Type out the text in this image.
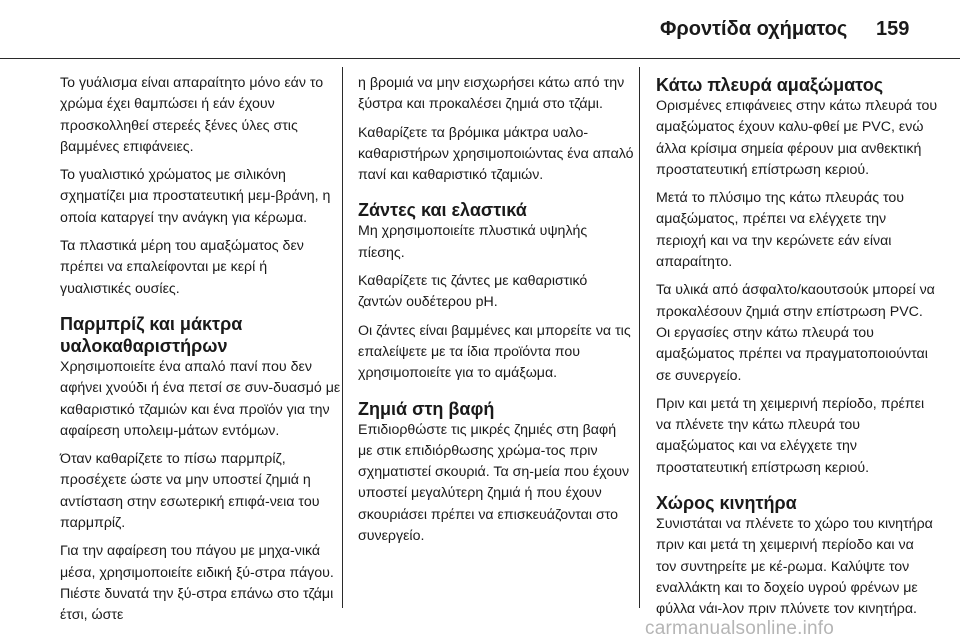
Φροντίδα οχήματος 159

Το γυάλισμα είναι απαραίτητο μόνο εάν το χρώμα έχει θαμπώσει ή εάν έχουν προσκολληθεί στερεές ξένες ύλες στις βαμμένες επιφάνειες.

Το γυαλιστικό χρώματος με σιλικόνη σχηματίζει μια προστατευτική μεμ-βράνη, η οποία καταργεί την ανάγκη για κέρωμα.

Τα πλαστικά μέρη του αμαξώματος δεν πρέπει να επαλείφονται με κερί ή γυαλιστικές ουσίες.

Παρμπρίζ και μάκτρα υαλοκαθαριστήρων

Χρησιμοποιείτε ένα απαλό πανί που δεν αφήνει χνούδι ή ένα πετσί σε συν-δυασμό με καθαριστικό τζαμιών και ένα προϊόν για την αφαίρεση υπολειμ-μάτων εντόμων.

Όταν καθαρίζετε το πίσω παρμπρίζ, προσέχετε ώστε να μην υποστεί ζημιά η αντίσταση στην εσωτερική επιφά-νεια του παρμπρίζ.

Για την αφαίρεση του πάγου με μηχα-νικά μέσα, χρησιμοποιείτε ειδική ξύ-στρα πάγου. Πιέστε δυνατά την ξύ-στρα επάνω στο τζάμι έτσι, ώστε

η βρομιά να μην εισχωρήσει κάτω από την ξύστρα και προκαλέσει ζημιά στο τζάμι.

Καθαρίζετε τα βρόμικα μάκτρα υαλο-καθαριστήρων χρησιμοποιώντας ένα απαλό πανί και καθαριστικό τζαμιών.

Ζάντες και ελαστικά

Μη χρησιμοποιείτε πλυστικά υψηλής πίεσης.

Καθαρίζετε τις ζάντες με καθαριστικό ζαντών ουδέτερου pH.

Οι ζάντες είναι βαμμένες και μπορείτε να τις επαλείψετε με τα ίδια προϊόντα που χρησιμοποιείτε για το αμάξωμα.

Ζημιά στη βαφή

Επιδιορθώστε τις μικρές ζημιές στη βαφή με στικ επιδιόρθωσης χρώμα-τος πριν σχηματιστεί σκουριά. Τα ση-μεία που έχουν υποστεί μεγαλύτερη ζημιά ή που έχουν σκουριάσει πρέπει να επισκευάζονται στο συνεργείο.

Κάτω πλευρά αμαξώματος

Ορισμένες επιφάνειες στην κάτω πλευρά του αμαξώματος έχουν καλυ-φθεί με PVC, ενώ άλλα κρίσιμα σημεία φέρουν μια ανθεκτική προστατευτική επίστρωση κεριού.

Μετά το πλύσιμο της κάτω πλευράς του αμαξώματος, πρέπει να ελέγχετε την περιοχή και να την κερώνετε εάν είναι απαραίτητο.

Τα υλικά από άσφαλτο/καουτσούκ μπορεί να προκαλέσουν ζημιά στην επίστρωση PVC. Οι εργασίες στην κάτω πλευρά του αμαξώματος πρέπει να πραγματοποιούνται σε συνεργείο.

Πριν και μετά τη χειμερινή περίοδο, πρέπει να πλένετε την κάτω πλευρά του αμαξώματος και να ελέγχετε την προστατευτική επίστρωση κεριού.

Χώρος κινητήρα

Συνιστάται να πλένετε το χώρο του κινητήρα πριν και μετά τη χειμερινή περίοδο και να τον συντηρείτε με κέ-ρωμα. Καλύψτε τον εναλλάκτη και το δοχείο υγρού φρένων με φύλλα νάι-λον πριν πλύνετε τον κινητήρα.

carmanualsonline.info
